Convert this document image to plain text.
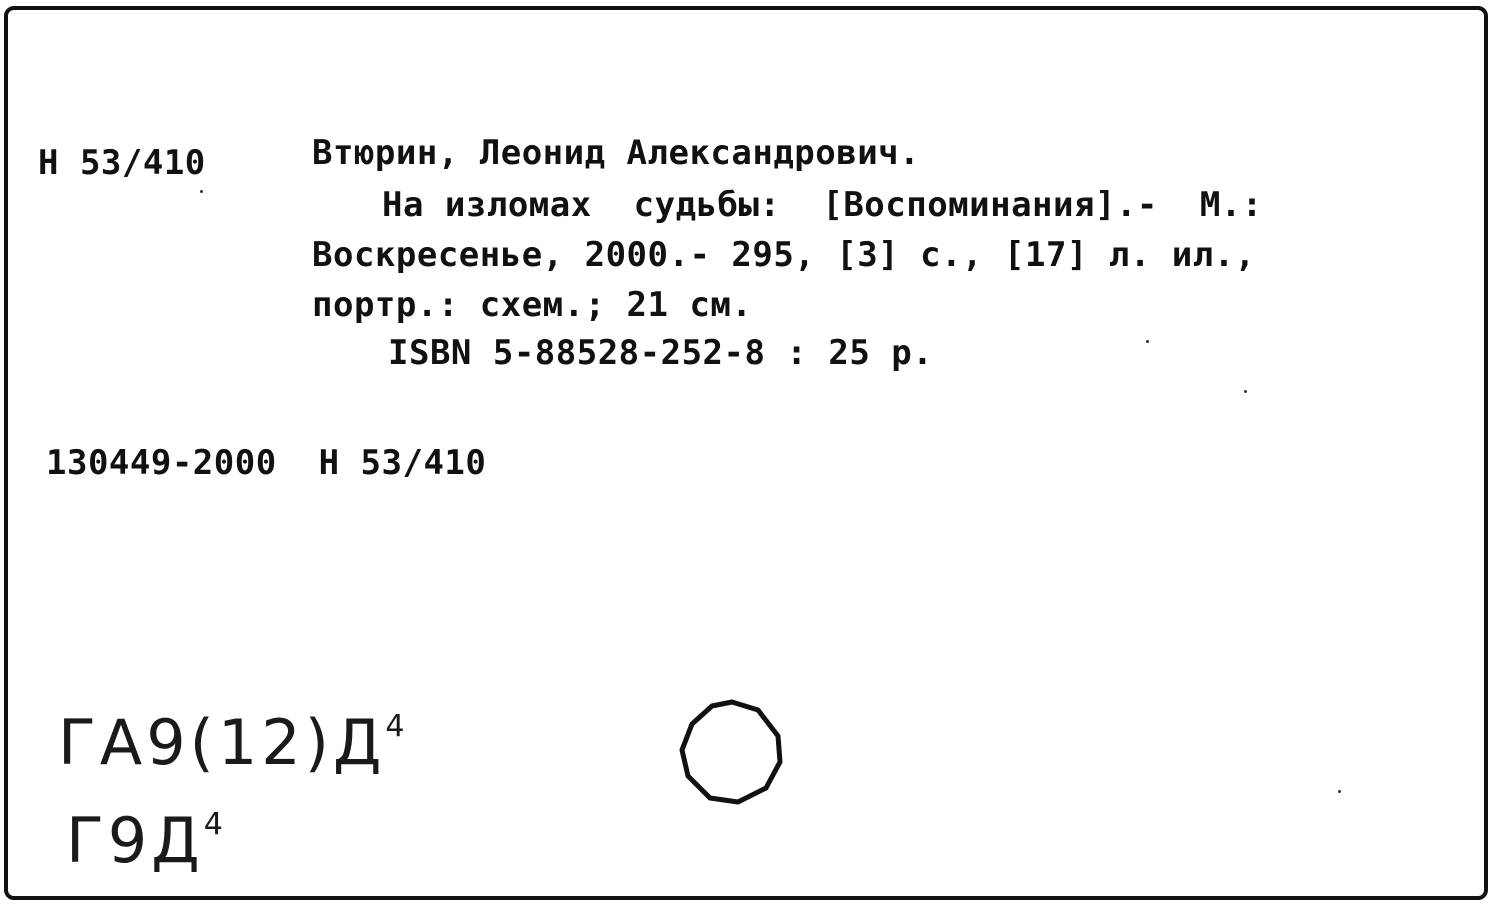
Н 53/410	Втюрин, Леонид Александрович.
На изломах  судьбы:  [Воспоминания].-  М.:
Воскресенье, 2000.- 295, [3] с., [17] л. ил.,
портр.: схем.; 21 см.
ISBN 5-88528-252-8 : 25 р.
130449-2000  Н 53/410
$ГА9(12)Д^4$
$Г9Д^4$
